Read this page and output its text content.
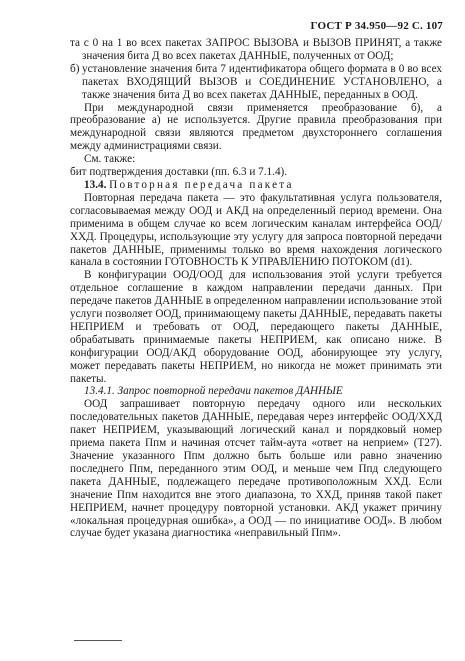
ГОСТ Р 34.950—92 С. 107

та с 0 на 1 во всех пакетах ЗАПРОС ВЫЗОВА и ВЫЗОВ ПРИНЯТ, а также значения бита Д во всех пакетах ДАННЫЕ, полученных от ООД;

б) установление значения бита 7 идентификатора общего формата в 0 во всех пакетах ВХОДЯЩИЙ ВЫЗОВ и СОЕДИНЕНИЕ УСТАНОВЛЕНО, а также значения бита Д во всех пакетах ДАННЫЕ, переданных в ООД.

При международной связи применяется преобразование б), а преобразование а) не используется. Другие правила преобразования при международной связи являются предметом двухстороннего соглашения между администрациями связи.

См. также:

бит подтверждения доставки (пп. 6.3 и 7.1.4).

13.4. Повторная передача пакета

Повторная передача пакета — это факультативная услуга пользователя, согласовываемая между ООД и АКД на определенный период времени. Она применима в общем случае ко всем логическим каналам интерфейса ООД/ХХД. Процедуры, использующие эту услугу для запроса повторной передачи пакетов ДАННЫЕ, применимы только во время нахождения логического канала в состоянии ГОТОВНОСТЬ К УПРАВЛЕНИЮ ПОТОКОМ (d1).

В конфигурации ООД/ООД для использования этой услуги требуется отдельное соглашение в каждом направлении передачи данных. При передаче пакетов ДАННЫЕ в определенном направлении использование этой услуги позволяет ООД, принимающему пакеты ДАННЫЕ, передавать пакеты НЕПРИЕМ и требовать от ООД, передающего пакеты ДАННЫЕ, обрабатывать принимаемые пакеты НЕПРИЕМ, как описано ниже. В конфигурации ООД/АКД оборудование ООД, абонирующее эту услугу, может передавать пакеты НЕПРИЕМ, но никогда не может принимать эти пакеты.

13.4.1. Запрос повторной передачи пакетов ДАННЫЕ

ООД запрашивает повторную передачу одного или нескольких последовательных пакетов ДАННЫЕ, передавая через интерфейс ООД/ХХД пакет НЕПРИЕМ, указывающий логический канал и порядковый номер приема пакета Ппм и начиная отсчет тайм-аута «ответ на неприем» (Т27). Значение указанного Ппм должно быть больше или равно значению последнего Ппм, переданного этим ООД, и меньше чем Ппд следующего пакета ДАННЫЕ, подлежащего передаче противоположным ХХД. Если значение Ппм находится вне этого диапазона, то ХХД, приняв такой пакет НЕПРИЕМ, начнет процедуру повторной установки. АКД укажет причину «локальная процедурная ошибка», а ООД — по инициативе ООД». В любом случае будет указана диагностика «неправильный Ппм».
